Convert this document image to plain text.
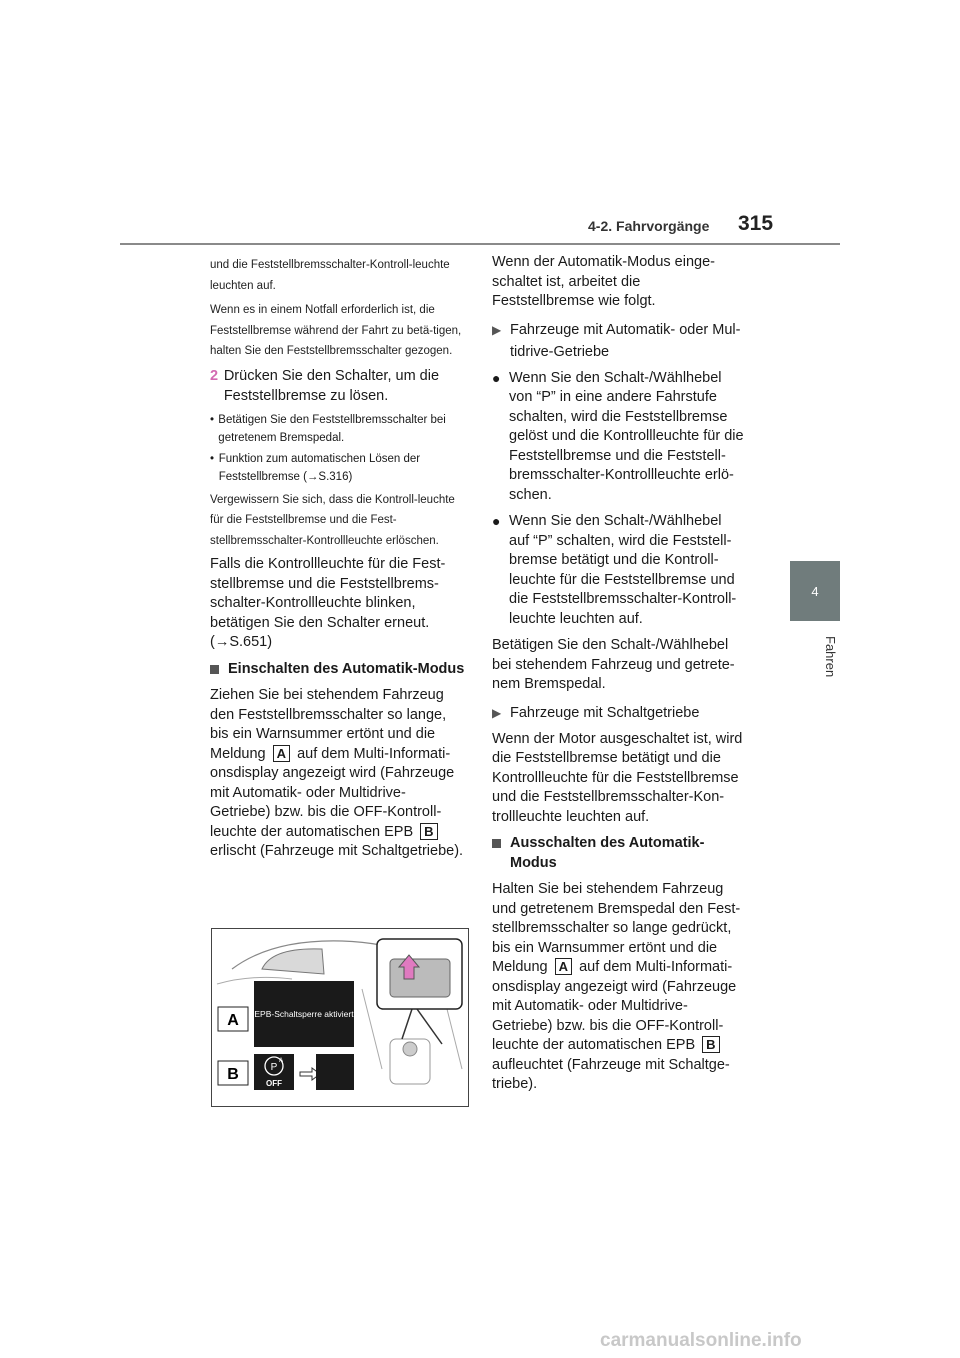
4-2. Fahrvorgänge 315
4
Fahren

und die Feststellbremsschalter-Kontroll-leuchte leuchten auf.

Wenn es in einem Notfall erforderlich ist, die Feststellbremse während der Fahrt zu betä-tigen, halten Sie den Feststellbremsschalter gezogen.

2 Drücken Sie den Schalter, um die Feststellbremse zu lösen.
• Betätigen Sie den Feststellbremsschalter bei getretenem Bremspedal.
• Funktion zum automatischen Lösen der Feststellbremse (→S.316)

Vergewissern Sie sich, dass die Kontroll-leuchte für die Feststellbremse und die Fest-stellbremsschalter-Kontrollleuchte erlöschen.

Falls die Kontrollleuchte für die Fest-stellbremse und die Feststellbrems-schalter-Kontrollleuchte blinken, betätigen Sie den Schalter erneut. (→S.651)

Einschalten des Automatik-Modus

Ziehen Sie bei stehendem Fahrzeug den Feststellbremsschalter so lange, bis ein Warnsummer ertönt und die Meldung A auf dem Multi-Informati-onsdisplay angezeigt wird (Fahrzeuge mit Automatik- oder Multidrive-Getriebe) bzw. bis die OFF-Kontroll-leuchte der automatischen EPB B erlischt (Fahrzeuge mit Schaltgetriebe).

A EPB-Schaltsperre aktiviert
B	P
A
OFF

Wenn der Automatik-Modus einge-schaltet ist, arbeitet die Feststellbremse wie folgt.

▶ Fahrzeuge mit Automatik- oder Mul-tidrive-Getriebe
● Wenn Sie den Schalt-/Wählhebel von “P” in eine andere Fahrstufe schalten, wird die Feststellbremse gelöst und die Kontrollleuchte für die Feststellbremse und die Feststell-bremsschalter-Kontrollleuchte erlö-schen.
● Wenn Sie den Schalt-/Wählhebel auf “P” schalten, wird die Feststell-bremse betätigt und die Kontroll-leuchte für die Feststellbremse und die Feststellbremsschalter-Kontroll-leuchte leuchten auf.

Betätigen Sie den Schalt-/Wählhebel bei stehendem Fahrzeug und getrete-nem Bremspedal.

▶ Fahrzeuge mit Schaltgetriebe

Wenn der Motor ausgeschaltet ist, wird die Feststellbremse betätigt und die Kontrollleuchte für die Feststellbremse und die Feststellbremsschalter-Kon-trollleuchte leuchten auf.

Ausschalten des Automatik-Modus

Halten Sie bei stehendem Fahrzeug und getretenem Bremspedal den Fest-stellbremsschalter so lange gedrückt, bis ein Warnsummer ertönt und die Meldung A auf dem Multi-Informati-onsdisplay angezeigt wird (Fahrzeuge mit Automatik- oder Multidrive-Getriebe) bzw. bis die OFF-Kontroll-leuchte der automatischen EPB B aufleuchtet (Fahrzeuge mit Schaltge-triebe).

carmanualsonline.info
